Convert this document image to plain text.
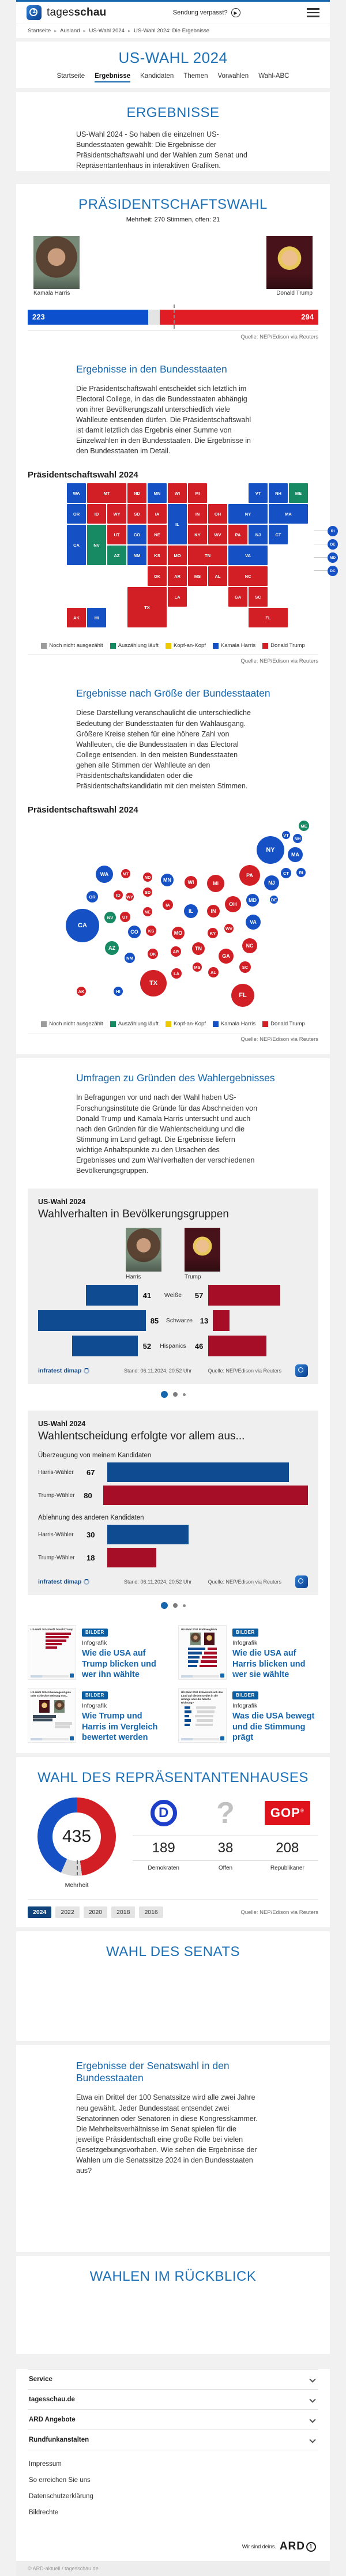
1	tagesschau	Sendung verpasst?	▶
Startseite ▸ Ausland ▸ US-Wahl 2024 ▸ US-Wahl 2024: Die Ergebnisse
US-WAHL 2024
Startseite Ergebnisse Kandidaten Themen Vorwahlen Wahl-ABC
ERGEBNISSE

US-Wahl 2024 - So haben die einzelnen US-Bundesstaaten gewählt: Die Ergebnisse der Präsidentschaftswahl und der Wahlen zum Senat und Repräsentantenhaus in interaktiven Grafiken.

PRÄSIDENTSCHAFTSWAHL
Mehrheit: 270 Stimmen, offen: 21
Kamala Harris	Donald Trump
223	294
Quelle: NEP/Edison via Reuters
Ergebnisse in den Bundesstaaten

Die Präsidentschaftswahl entscheidet sich letztlich im Electoral College, in das die Bundesstaaten abhängig von ihrer Bevölkerungszahl unterschiedlich viele Wahlleute entsenden dürfen. Die Präsidentschaftswahl ist damit letztlich das Ergebnis einer Summe von Einzelwahlen in den Bundesstaaten. Die Ergebnisse in den Bundesstaaten im Detail.

Präsidentschaftswahl 2024
WA	MT	ND	MN	WI	MI	VT	NH	ME
OR	ID	WY	SD	IA
IL
IN	OH	NY	MA
CA	NV
UT	CO	NE	KY	WV	PA	NJ	CT
AZ	NM	KS	MO	TN	VA
OK	AR	MS	AL	NC
TX
LA	GA	SC
AK	HI	FL
RI
DE
MD
DC
Noch nicht ausgezählt	Auszählung läuft	Kopf-an-Kopf	Kamala Harris	Donald Trump
Quelle: NEP/Edison via Reuters
Ergebnisse nach Größe der Bundesstaaten

Diese Darstellung veranschaulicht die unterschiedliche Bedeutung der Bundesstaaten für den Wahlausgang. Größere Kreise stehen für eine höhere Zahl von Wahlleuten, die die Bundesstaaten in das Electoral College entsenden. In den meisten Bundesstaaten gehen alle Stimmen der Wahlleute an den Präsidentschaftskandidaten oder die Präsidentschaftskandidatin mit den meisten Stimmen.

Präsidentschaftswahl 2024
ME
VT
NH
NY
MA
WA	MT
ND	MN	WI	MI
PA
NJ
CT	RI
OR	ID	WY
SD
IA
NE	IL	IN
OH
MD	DE
CA
NV	UT
CO	KS	MO	KY
WV
VA
AZ
NM
OK	AR	TN	NC
GA
SC
MS
AL
LA
TX
AK	HI
FL
Noch nicht ausgezählt	Auszählung läuft	Kopf-an-Kopf	Kamala Harris	Donald Trump
Quelle: NEP/Edison via Reuters
Umfragen zu Gründen des Wahlergebnisses

In Befragungen vor und nach der Wahl haben US-Forschungsinstitute die Gründe für das Abschneiden von Donald Trump und Kamala Harris untersucht und auch nach den Gründen für die Wahlentscheidung und die Stimmung im Land gefragt. Die Ergebnisse liefern wichtige Anhaltspunkte zu den Ursachen des Ergebnisses und zum Wahlverhalten der verschiedenen Bevölkerungsgruppen.

US-Wahl 2024
Wahlverhalten in Bevölkerungsgruppen
Harris	Trump
41	Weiße	57
85	Schwarze 13
52	Hispanics	46
infratest dimap	Stand: 06.11.2024, 20:52 Uhr	Quelle: NEP/Edison via Reuters
US-Wahl 2024
Wahlentscheidung erfolgte vor allem aus...
Überzeugung von meinem Kandidaten
Harris-Wähler	67
Trump-Wähler	80
Ablehnung des anderen Kandidaten
Harris-Wähler	30
Trump-Wähler	18
infratest dimap	Stand: 06.11.2024, 20:52 Uhr	Quelle: NEP/Edison via Reuters
US-Wahl 2024 Profil Donald Trump
BILDER
Infografik
Wie die USA auf Trump blicken und wer ihn wählte
US-Wahl 2024 Profilvergleich
BILDER
Infografik
Wie die USA auf Harris blicken und wer sie wählte
US-Wahl 2024 Überwiegend gute oder schlechte Meinung von...	BILDER
Infografik
Wie Trump und Harris im Vergleich bewertet werden
US-Wahl 2024 Entwickelt sich das Land auf diesem Gebiet in die richtige oder die falsche Richtung?
BILDER
Infografik
Was die USA bewegt und die Stimmung prägt
WAHL DES REPRÄSENTANTENHAUSES
435
Mehrheit
D
189
Demokraten
?
38
Offen
GOP®
208
Republikaner
2024	2022	2020	2018	2016	Quelle: NEP/Edison via Reuters
WAHL DES SENATS
Ergebnisse der Senatswahl in den Bundesstaaten

Etwa ein Drittel der 100 Senatssitze wird alle zwei Jahre neu gewählt. Jeder Bundesstaat entsendet zwei Senatorinnen oder Senatoren in diese Kongresskammer. Die Mehrheitsverhältnisse im Senat spielen für die jeweilige Präsidentschaft eine große Rolle bei vielen Gesetzgebungsvorhaben. Wie sehen die Ergebnisse der Wahlen um die Senatssitze 2024 in den Bundesstaaten aus?

WAHLEN IM RÜCKBLICK
Service
tagesschau.de
ARD Angebote
Rundfunkanstalten
Impressum
So erreichen Sie uns
Datenschutzerklärung
Bildrechte
Wir sind deins. ARD 1
© ARD-aktuell / tagesschau.de
